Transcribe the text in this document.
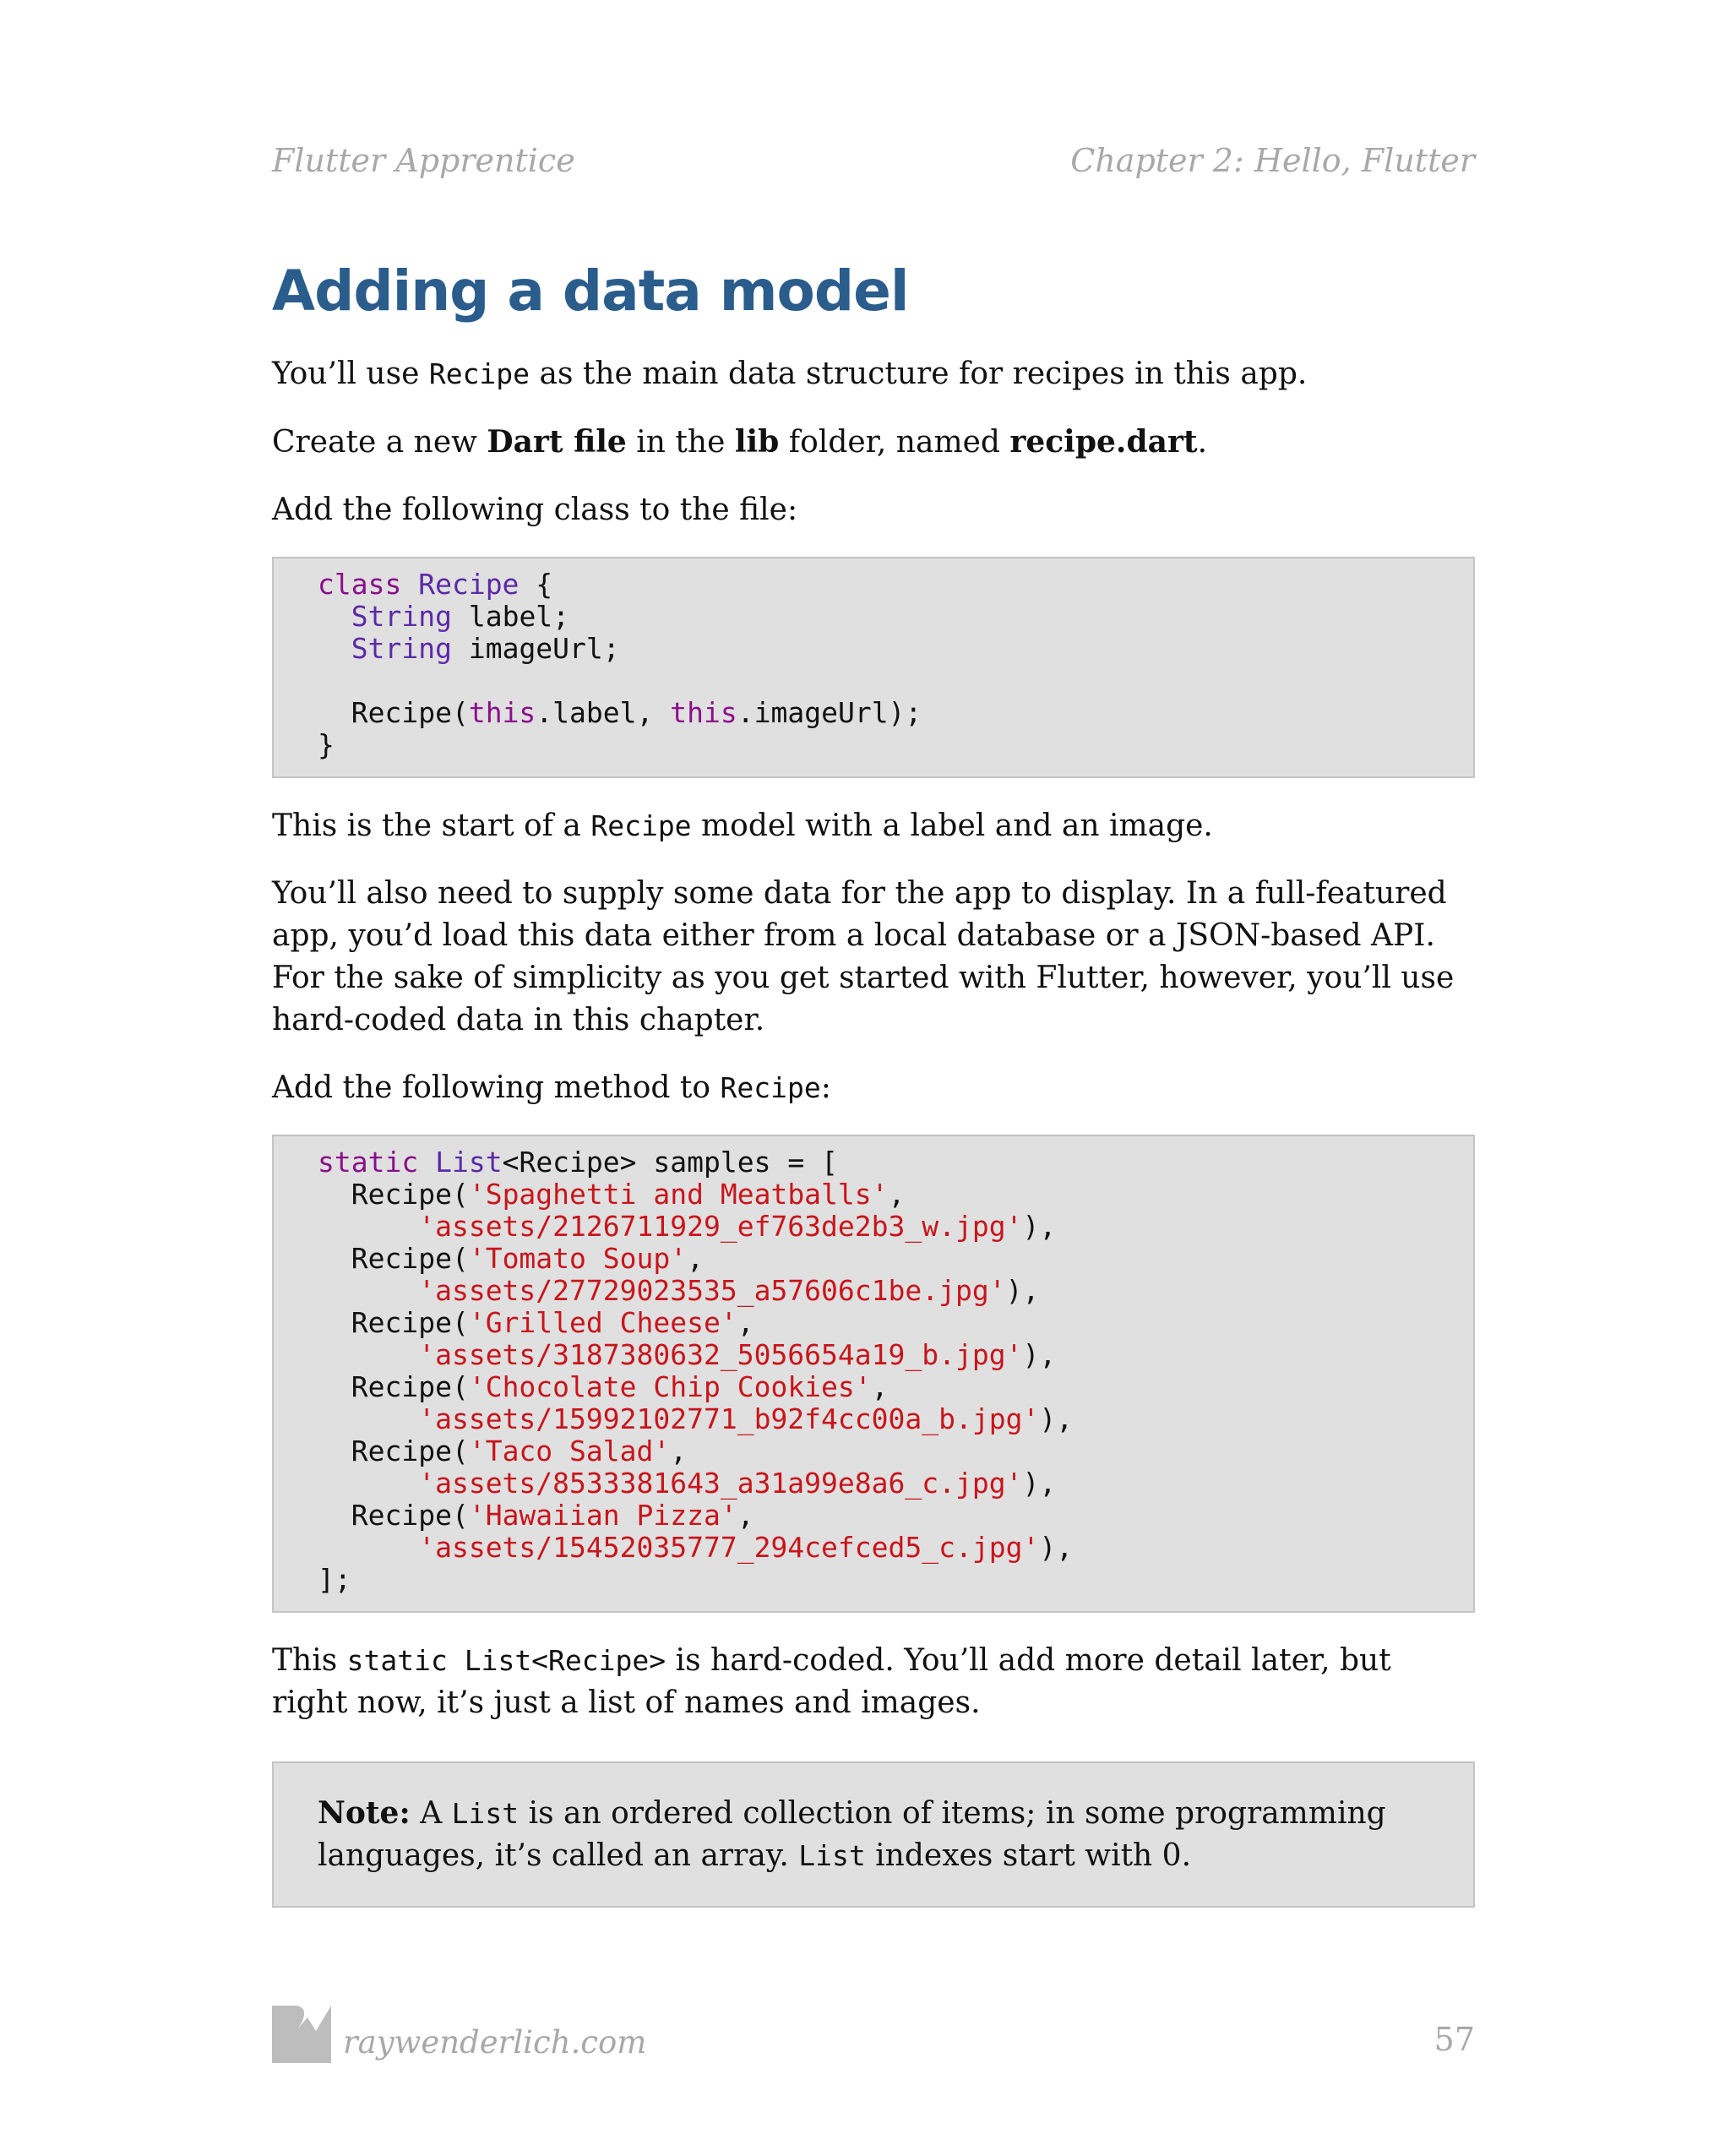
Flutter Apprentice	Chapter 2: Hello, Flutter
Adding a data model

You’ll use Recipe as the main data structure for recipes in this app.

Create a new Dart file in the lib folder, named recipe.dart.

Add the following class to the file:

class Recipe {
String label;
String imageUrl;

Recipe(this.label, this.imageUrl);
}

This is the start of a Recipe model with a label and an image.

You’ll also need to supply some data for the app to display. In a full-featured app, you’d load this data either from a local database or a JSON-based API. For the sake of simplicity as you get started with Flutter, however, you’ll use hard-coded data in this chapter.

Add the following method to Recipe:

static List<Recipe> samples = [
Recipe('Spaghetti and Meatballs',
'assets/2126711929_ef763de2b3_w.jpg'),
Recipe('Tomato Soup',
'assets/27729023535_a57606c1be.jpg'),
Recipe('Grilled Cheese',
'assets/3187380632_5056654a19_b.jpg'),
Recipe('Chocolate Chip Cookies',
'assets/15992102771_b92f4cc00a_b.jpg'),
Recipe('Taco Salad',
'assets/8533381643_a31a99e8a6_c.jpg'),
Recipe('Hawaiian Pizza',
'assets/15452035777_294cefced5_c.jpg'),
];

This static List<Recipe> is hard-coded. You’ll add more detail later, but right now, it’s just a list of names and images.

Note: A List is an ordered collection of items; in some programming languages, it’s called an array. List indexes start with 0.
raywenderlich.com	57
